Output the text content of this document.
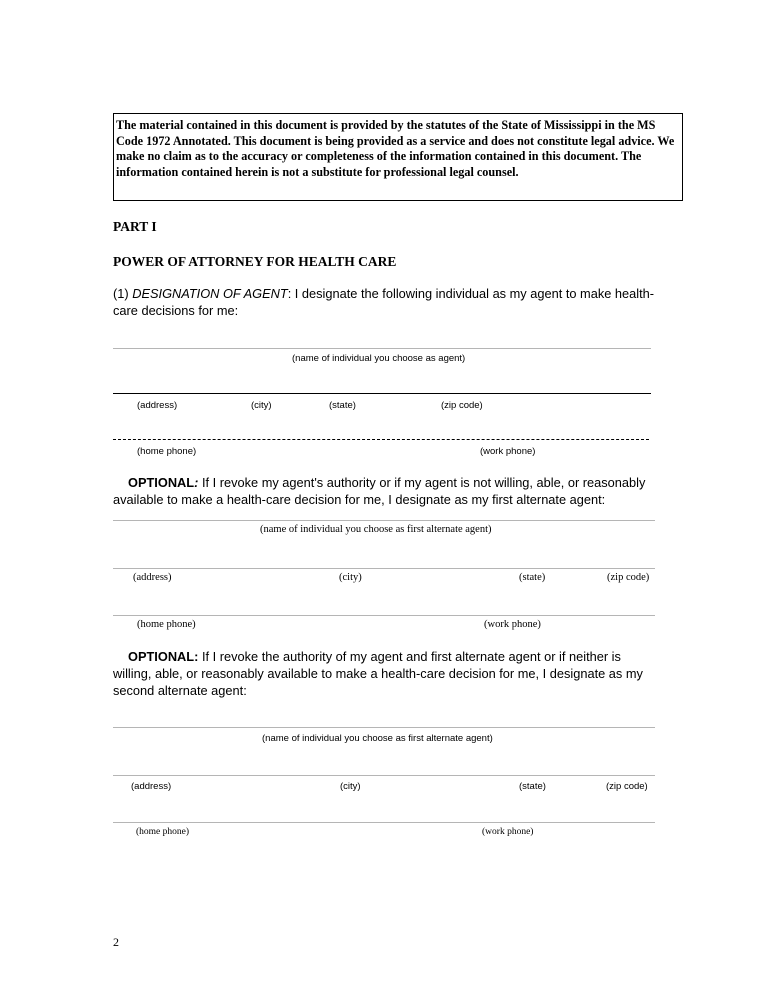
The material contained in this document is provided by the statutes of the State of Mississippi in the MS Code 1972 Annotated. This document is being provided as a service and does not constitute legal advice. We make no claim as to the accuracy or completeness of the information contained in this document. The information contained herein is not a substitute for professional legal counsel.
PART I
POWER OF ATTORNEY FOR HEALTH CARE
(1) DESIGNATION OF AGENT: I designate the following individual as my agent to make health-care decisions for me:
(name of individual you choose as agent)
(address)	(city)	(state)	(zip code)
(home phone)	(work phone)
OPTIONAL: If I revoke my agent's authority or if my agent is not willing, able, or reasonably available to make a health-care decision for me, I designate as my first alternate agent:
(name of individual you choose as first alternate agent)
(address)	(city)	(state)	(zip code)
(home phone)	(work phone)
OPTIONAL: If I revoke the authority of my agent and first alternate agent or if neither is willing, able, or reasonably available to make a health-care decision for me, I designate as my second alternate agent:
(name of individual you choose as first alternate agent)
(address)	(city)	(state)	(zip code)
(home phone)	(work phone)
2
